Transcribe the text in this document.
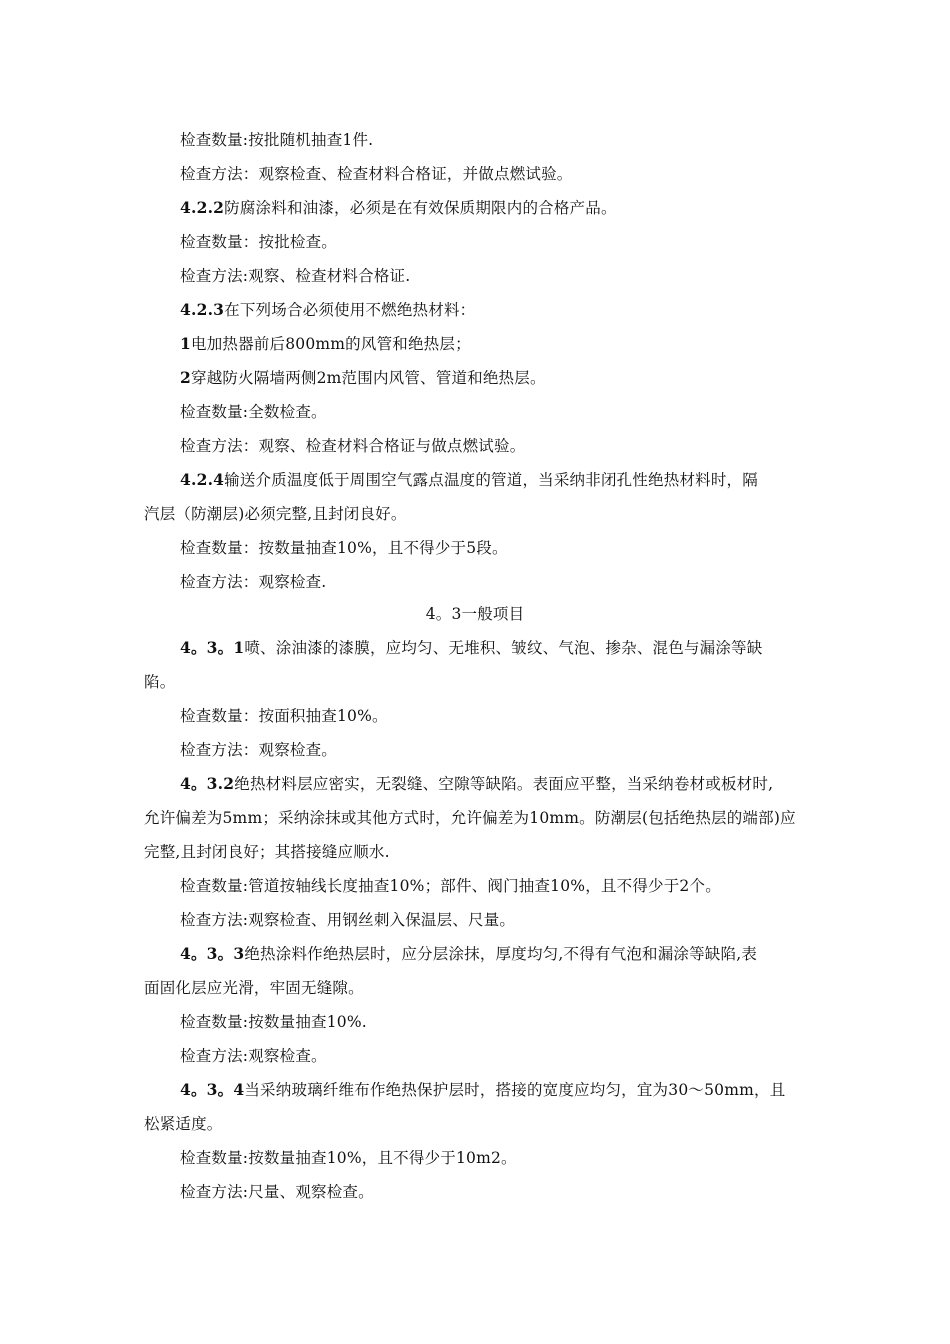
检查数量:按批随机抽查1件.
检查方法：观察检查、检查材料合格证，并做点燃试验。
4.2.2防腐涂料和油漆，必须是在有效保质期限内的合格产品。
检查数量：按批检查。
检查方法:观察、检查材料合格证.
4.2.3在下列场合必须使用不燃绝热材料：
1电加热器前后800mm的风管和绝热层；
2穿越防火隔墙两侧2m范围内风管、管道和绝热层。
检查数量:全数检查。
检查方法：观察、检查材料合格证与做点燃试验。
4.2.4输送介质温度低于周围空气露点温度的管道，当采纳非闭孔性绝热材料时，隔
汽层（防潮层)必须完整,且封闭良好。
检查数量：按数量抽查10%，且不得少于5段。
检查方法：观察检查.
4。3一般项目
4。3。1喷、涂油漆的漆膜，应均匀、无堆积、皱纹、气泡、掺杂、混色与漏涂等缺
陷。
检查数量：按面积抽查10%。
检查方法：观察检查。
4。3.2绝热材料层应密实，无裂缝、空隙等缺陷。表面应平整，当采纳卷材或板材时,
允许偏差为5mm；采纳涂抹或其他方式时，允许偏差为10mm。防潮层(包括绝热层的端部)应
完整,且封闭良好；其搭接缝应顺水.
检查数量:管道按轴线长度抽查10%；部件、阀门抽查10%，且不得少于2个。
检查方法:观察检查、用钢丝刺入保温层、尺量。
4。3。3绝热涂料作绝热层时，应分层涂抹，厚度均匀,不得有气泡和漏涂等缺陷,表
面固化层应光滑，牢固无缝隙。
检查数量:按数量抽查10%.
检查方法:观察检查。
4。3。4当采纳玻璃纤维布作绝热保护层时，搭接的宽度应均匀，宜为30～50mm，且
松紧适度。
检查数量:按数量抽查10%，且不得少于10m2。
检查方法:尺量、观察检查。
